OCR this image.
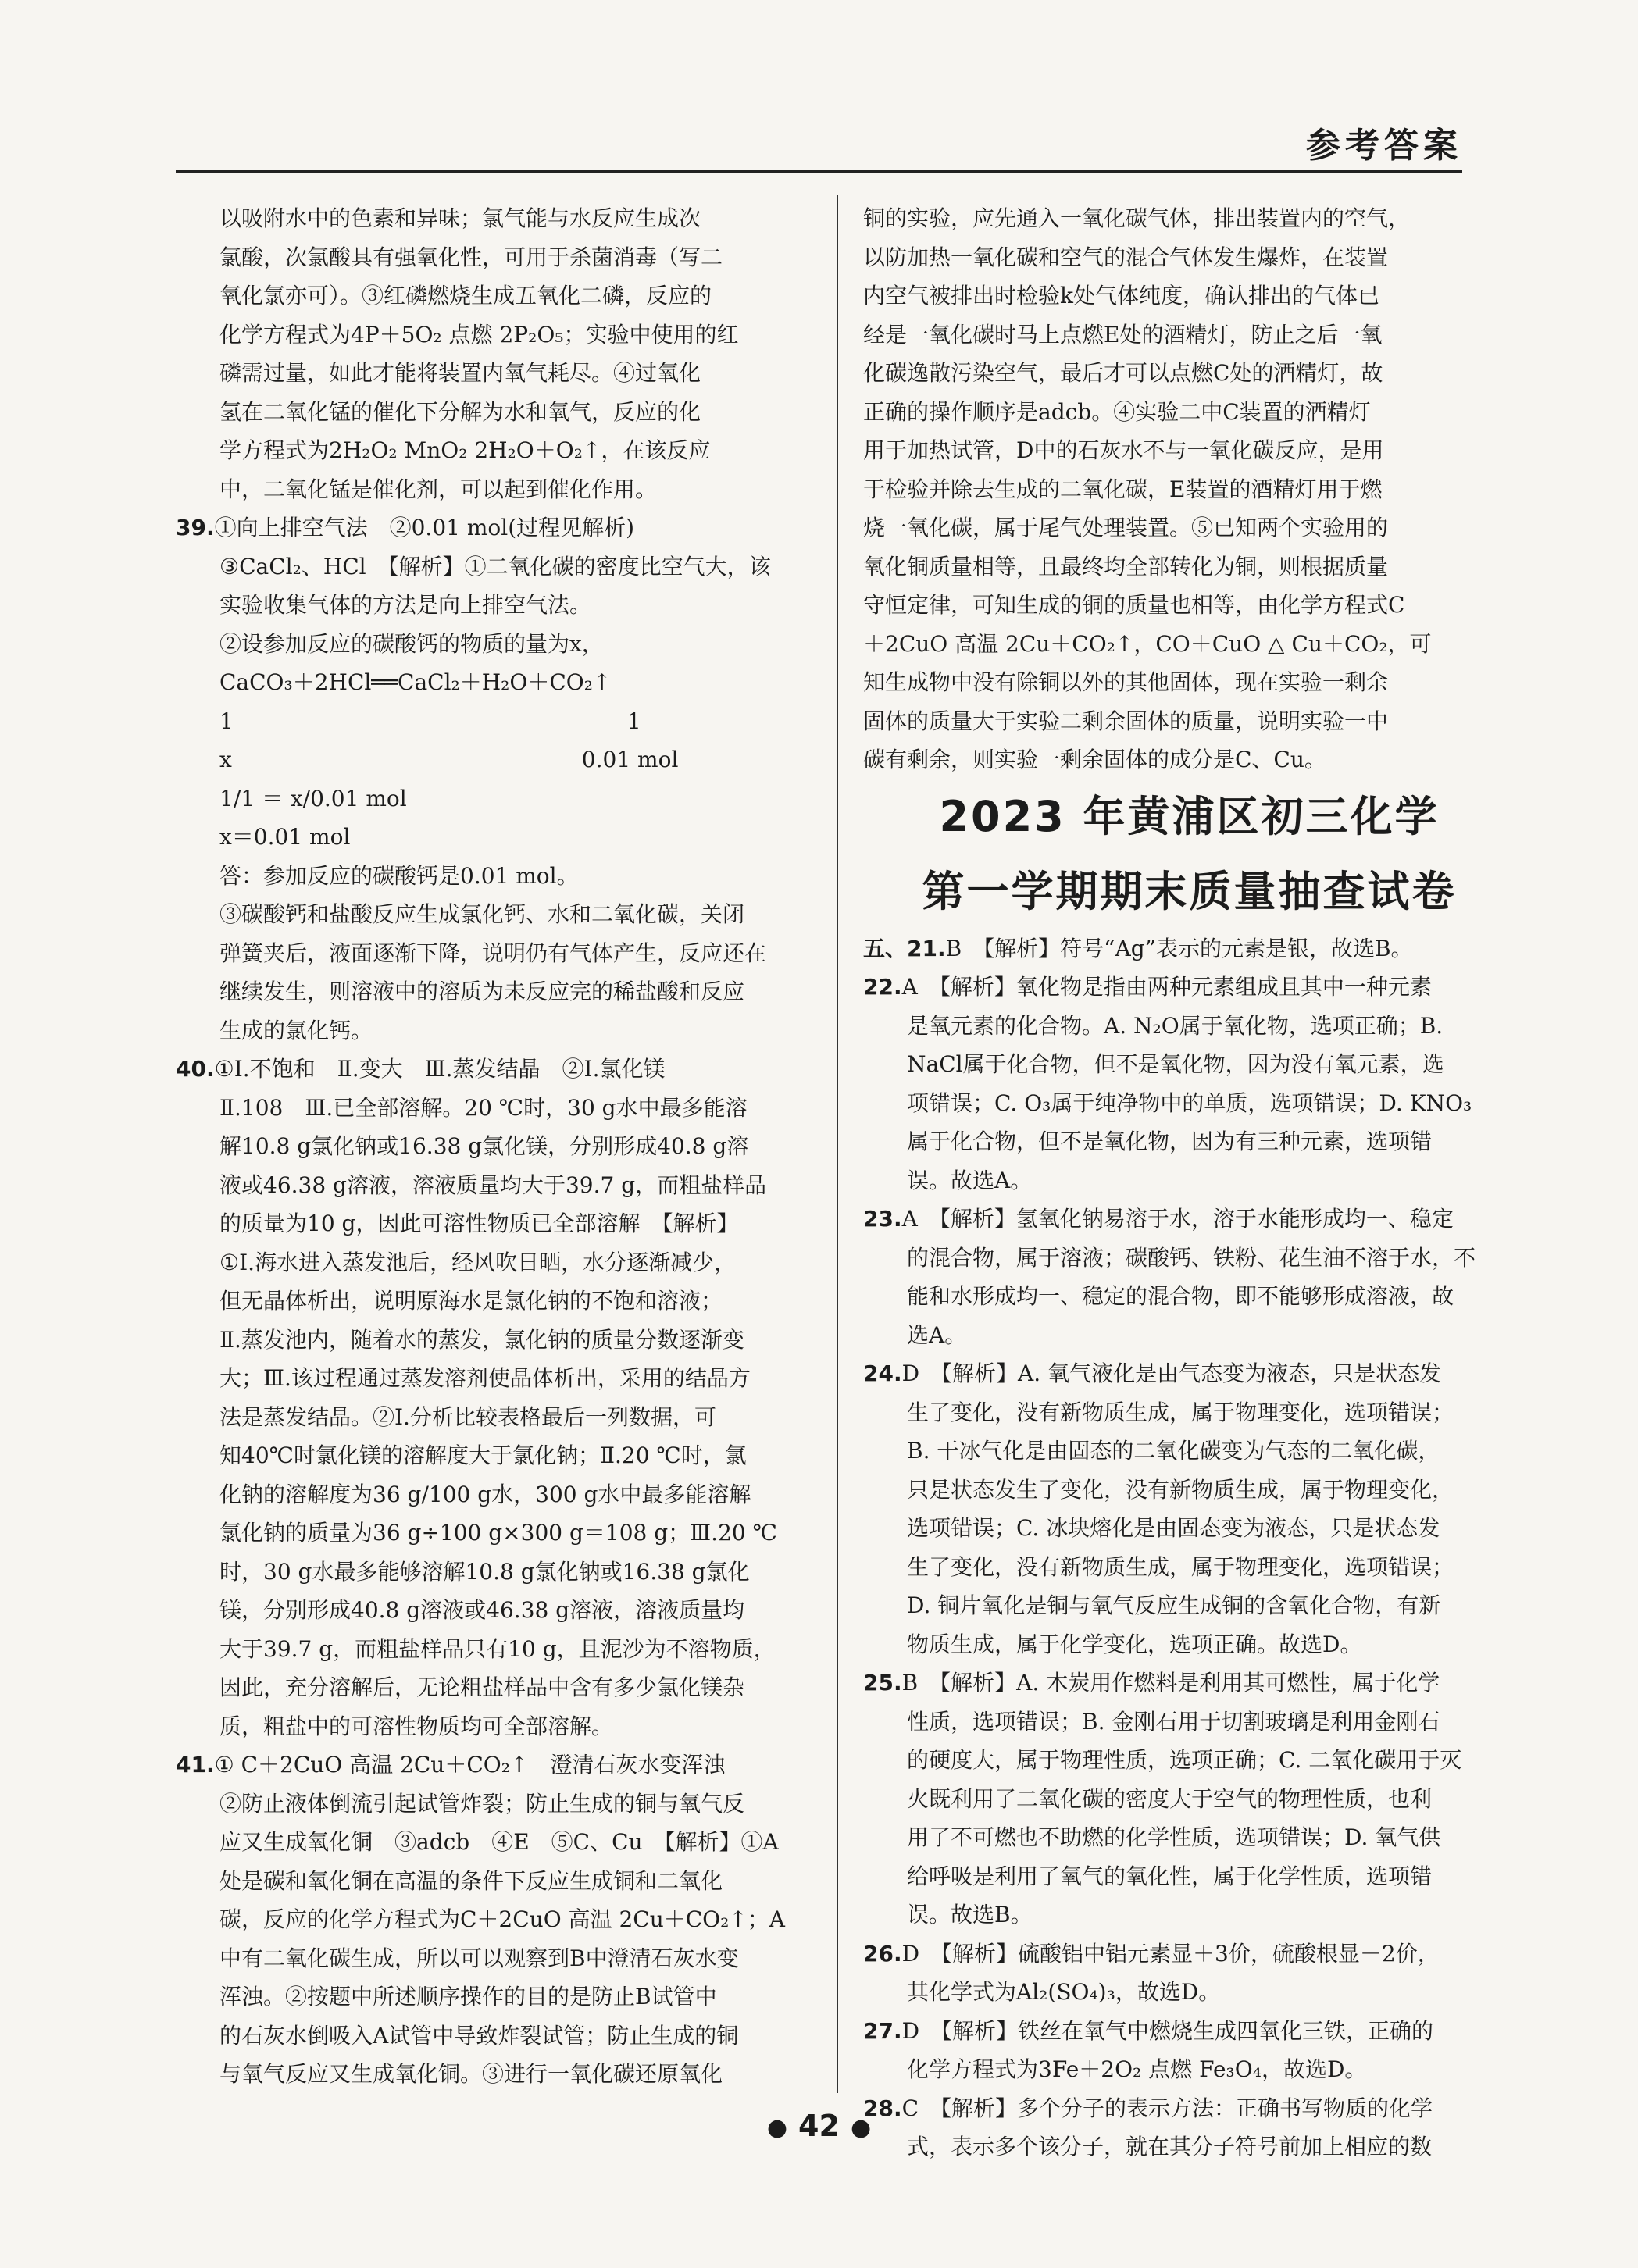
参考答案
以吸附水中的色素和异味；氯气能与水反应生成次
氯酸，次氯酸具有强氧化性，可用于杀菌消毒（写二
氧化氯亦可）。③红磷燃烧生成五氧化二磷，反应的
化学方程式为4P＋5O₂ 点燃 2P₂O₅；实验中使用的红
磷需过量，如此才能将装置内氧气耗尽。④过氧化
氢在二氧化锰的催化下分解为水和氧气，反应的化
学方程式为2H₂O₂ MnO₂ 2H₂O＋O₂↑，在该反应
中，二氧化锰是催化剂，可以起到催化作用。
39.①向上排空气法　②0.01 mol(过程见解析)
③CaCl₂、HCl　【解析】①二氧化碳的密度比空气大，该
实验收集气体的方法是向上排空气法。
②设参加反应的碳酸钙的物质的量为x，
CaCO₃＋2HCl══CaCl₂＋H₂O＋CO₂↑
1　　　　　　　　　　　　　　　　　　1
x　　　　　　　　　　　　　　　　0.01 mol
1/1 ＝ x/0.01 mol
x＝0.01 mol
答：参加反应的碳酸钙是0.01 mol。
③碳酸钙和盐酸反应生成氯化钙、水和二氧化碳，关闭
弹簧夹后，液面逐渐下降，说明仍有气体产生，反应还在
继续发生，则溶液中的溶质为未反应完的稀盐酸和反应
生成的氯化钙。
40.①Ⅰ.不饱和　Ⅱ.变大　Ⅲ.蒸发结晶　②Ⅰ.氯化镁
Ⅱ.108　Ⅲ.已全部溶解。20 ℃时，30 g水中最多能溶
解10.8 g氯化钠或16.38 g氯化镁，分别形成40.8 g溶
液或46.38 g溶液，溶液质量均大于39.7 g，而粗盐样品
的质量为10 g，因此可溶性物质已全部溶解　【解析】
①Ⅰ.海水进入蒸发池后，经风吹日晒，水分逐渐减少，
但无晶体析出，说明原海水是氯化钠的不饱和溶液；
Ⅱ.蒸发池内，随着水的蒸发，氯化钠的质量分数逐渐变
大；Ⅲ.该过程通过蒸发溶剂使晶体析出，采用的结晶方
法是蒸发结晶。②Ⅰ.分析比较表格最后一列数据，可
知40℃时氯化镁的溶解度大于氯化钠；Ⅱ.20 ℃时，氯
化钠的溶解度为36 g/100 g水，300 g水中最多能溶解
氯化钠的质量为36 g÷100 g×300 g＝108 g；Ⅲ.20 ℃
时，30 g水最多能够溶解10.8 g氯化钠或16.38 g氯化
镁，分别形成40.8 g溶液或46.38 g溶液，溶液质量均
大于39.7 g，而粗盐样品只有10 g，且泥沙为不溶物质，
因此，充分溶解后，无论粗盐样品中含有多少氯化镁杂
质，粗盐中的可溶性物质均可全部溶解。
41.① C＋2CuO 高温 2Cu＋CO₂↑　澄清石灰水变浑浊
②防止液体倒流引起试管炸裂；防止生成的铜与氧气反
应又生成氧化铜　③adcb　④E　⑤C、Cu　【解析】①A
处是碳和氧化铜在高温的条件下反应生成铜和二氧化
碳，反应的化学方程式为C＋2CuO 高温 2Cu＋CO₂↑；A
中有二氧化碳生成，所以可以观察到B中澄清石灰水变
浑浊。②按题中所述顺序操作的目的是防止B试管中
的石灰水倒吸入A试管中导致炸裂试管；防止生成的铜
与氧气反应又生成氧化铜。③进行一氧化碳还原氧化
铜的实验，应先通入一氧化碳气体，排出装置内的空气，
以防加热一氧化碳和空气的混合气体发生爆炸，在装置
内空气被排出时检验k处气体纯度，确认排出的气体已
经是一氧化碳时马上点燃E处的酒精灯，防止之后一氧
化碳逸散污染空气，最后才可以点燃C处的酒精灯，故
正确的操作顺序是adcb。④实验二中C装置的酒精灯
用于加热试管，D中的石灰水不与一氧化碳反应，是用
于检验并除去生成的二氧化碳，E装置的酒精灯用于燃
烧一氧化碳，属于尾气处理装置。⑤已知两个实验用的
氧化铜质量相等，且最终均全部转化为铜，则根据质量
守恒定律，可知生成的铜的质量也相等，由化学方程式C
＋2CuO 高温 2Cu＋CO₂↑，CO＋CuO △ Cu＋CO₂，可
知生成物中没有除铜以外的其他固体，现在实验一剩余
固体的质量大于实验二剩余固体的质量，说明实验一中
碳有剩余，则实验一剩余固体的成分是C、Cu。
2023 年黄浦区初三化学
第一学期期末质量抽查试卷
五、21.B　【解析】符号“Ag”表示的元素是银，故选B。
22.A　【解析】氧化物是指由两种元素组成且其中一种元素
是氧元素的化合物。A. N₂O属于氧化物，选项正确；B.
NaCl属于化合物，但不是氧化物，因为没有氧元素，选
项错误；C. O₃属于纯净物中的单质，选项错误；D. KNO₃
属于化合物，但不是氧化物，因为有三种元素，选项错
误。故选A。
23.A　【解析】氢氧化钠易溶于水，溶于水能形成均一、稳定
的混合物，属于溶液；碳酸钙、铁粉、花生油不溶于水，不
能和水形成均一、稳定的混合物，即不能够形成溶液，故
选A。
24.D　【解析】A. 氧气液化是由气态变为液态，只是状态发
生了变化，没有新物质生成，属于物理变化，选项错误；
B. 干冰气化是由固态的二氧化碳变为气态的二氧化碳，
只是状态发生了变化，没有新物质生成，属于物理变化，
选项错误；C. 冰块熔化是由固态变为液态，只是状态发
生了变化，没有新物质生成，属于物理变化，选项错误；
D. 铜片氧化是铜与氧气反应生成铜的含氧化合物，有新
物质生成，属于化学变化，选项正确。故选D。
25.B　【解析】A. 木炭用作燃料是利用其可燃性，属于化学
性质，选项错误；B. 金刚石用于切割玻璃是利用金刚石
的硬度大，属于物理性质，选项正确；C. 二氧化碳用于灭
火既利用了二氧化碳的密度大于空气的物理性质，也利
用了不可燃也不助燃的化学性质，选项错误；D. 氧气供
给呼吸是利用了氧气的氧化性，属于化学性质，选项错
误。故选B。
26.D　【解析】硫酸铝中铝元素显＋3价，硫酸根显－2价，
其化学式为Al₂(SO₄)₃，故选D。
27.D　【解析】铁丝在氧气中燃烧生成四氧化三铁，正确的
化学方程式为3Fe＋2O₂ 点燃 Fe₃O₄，故选D。
28.C　【解析】多个分子的表示方法：正确书写物质的化学
式，表示多个该分子，就在其分子符号前加上相应的数
● 42 ●
